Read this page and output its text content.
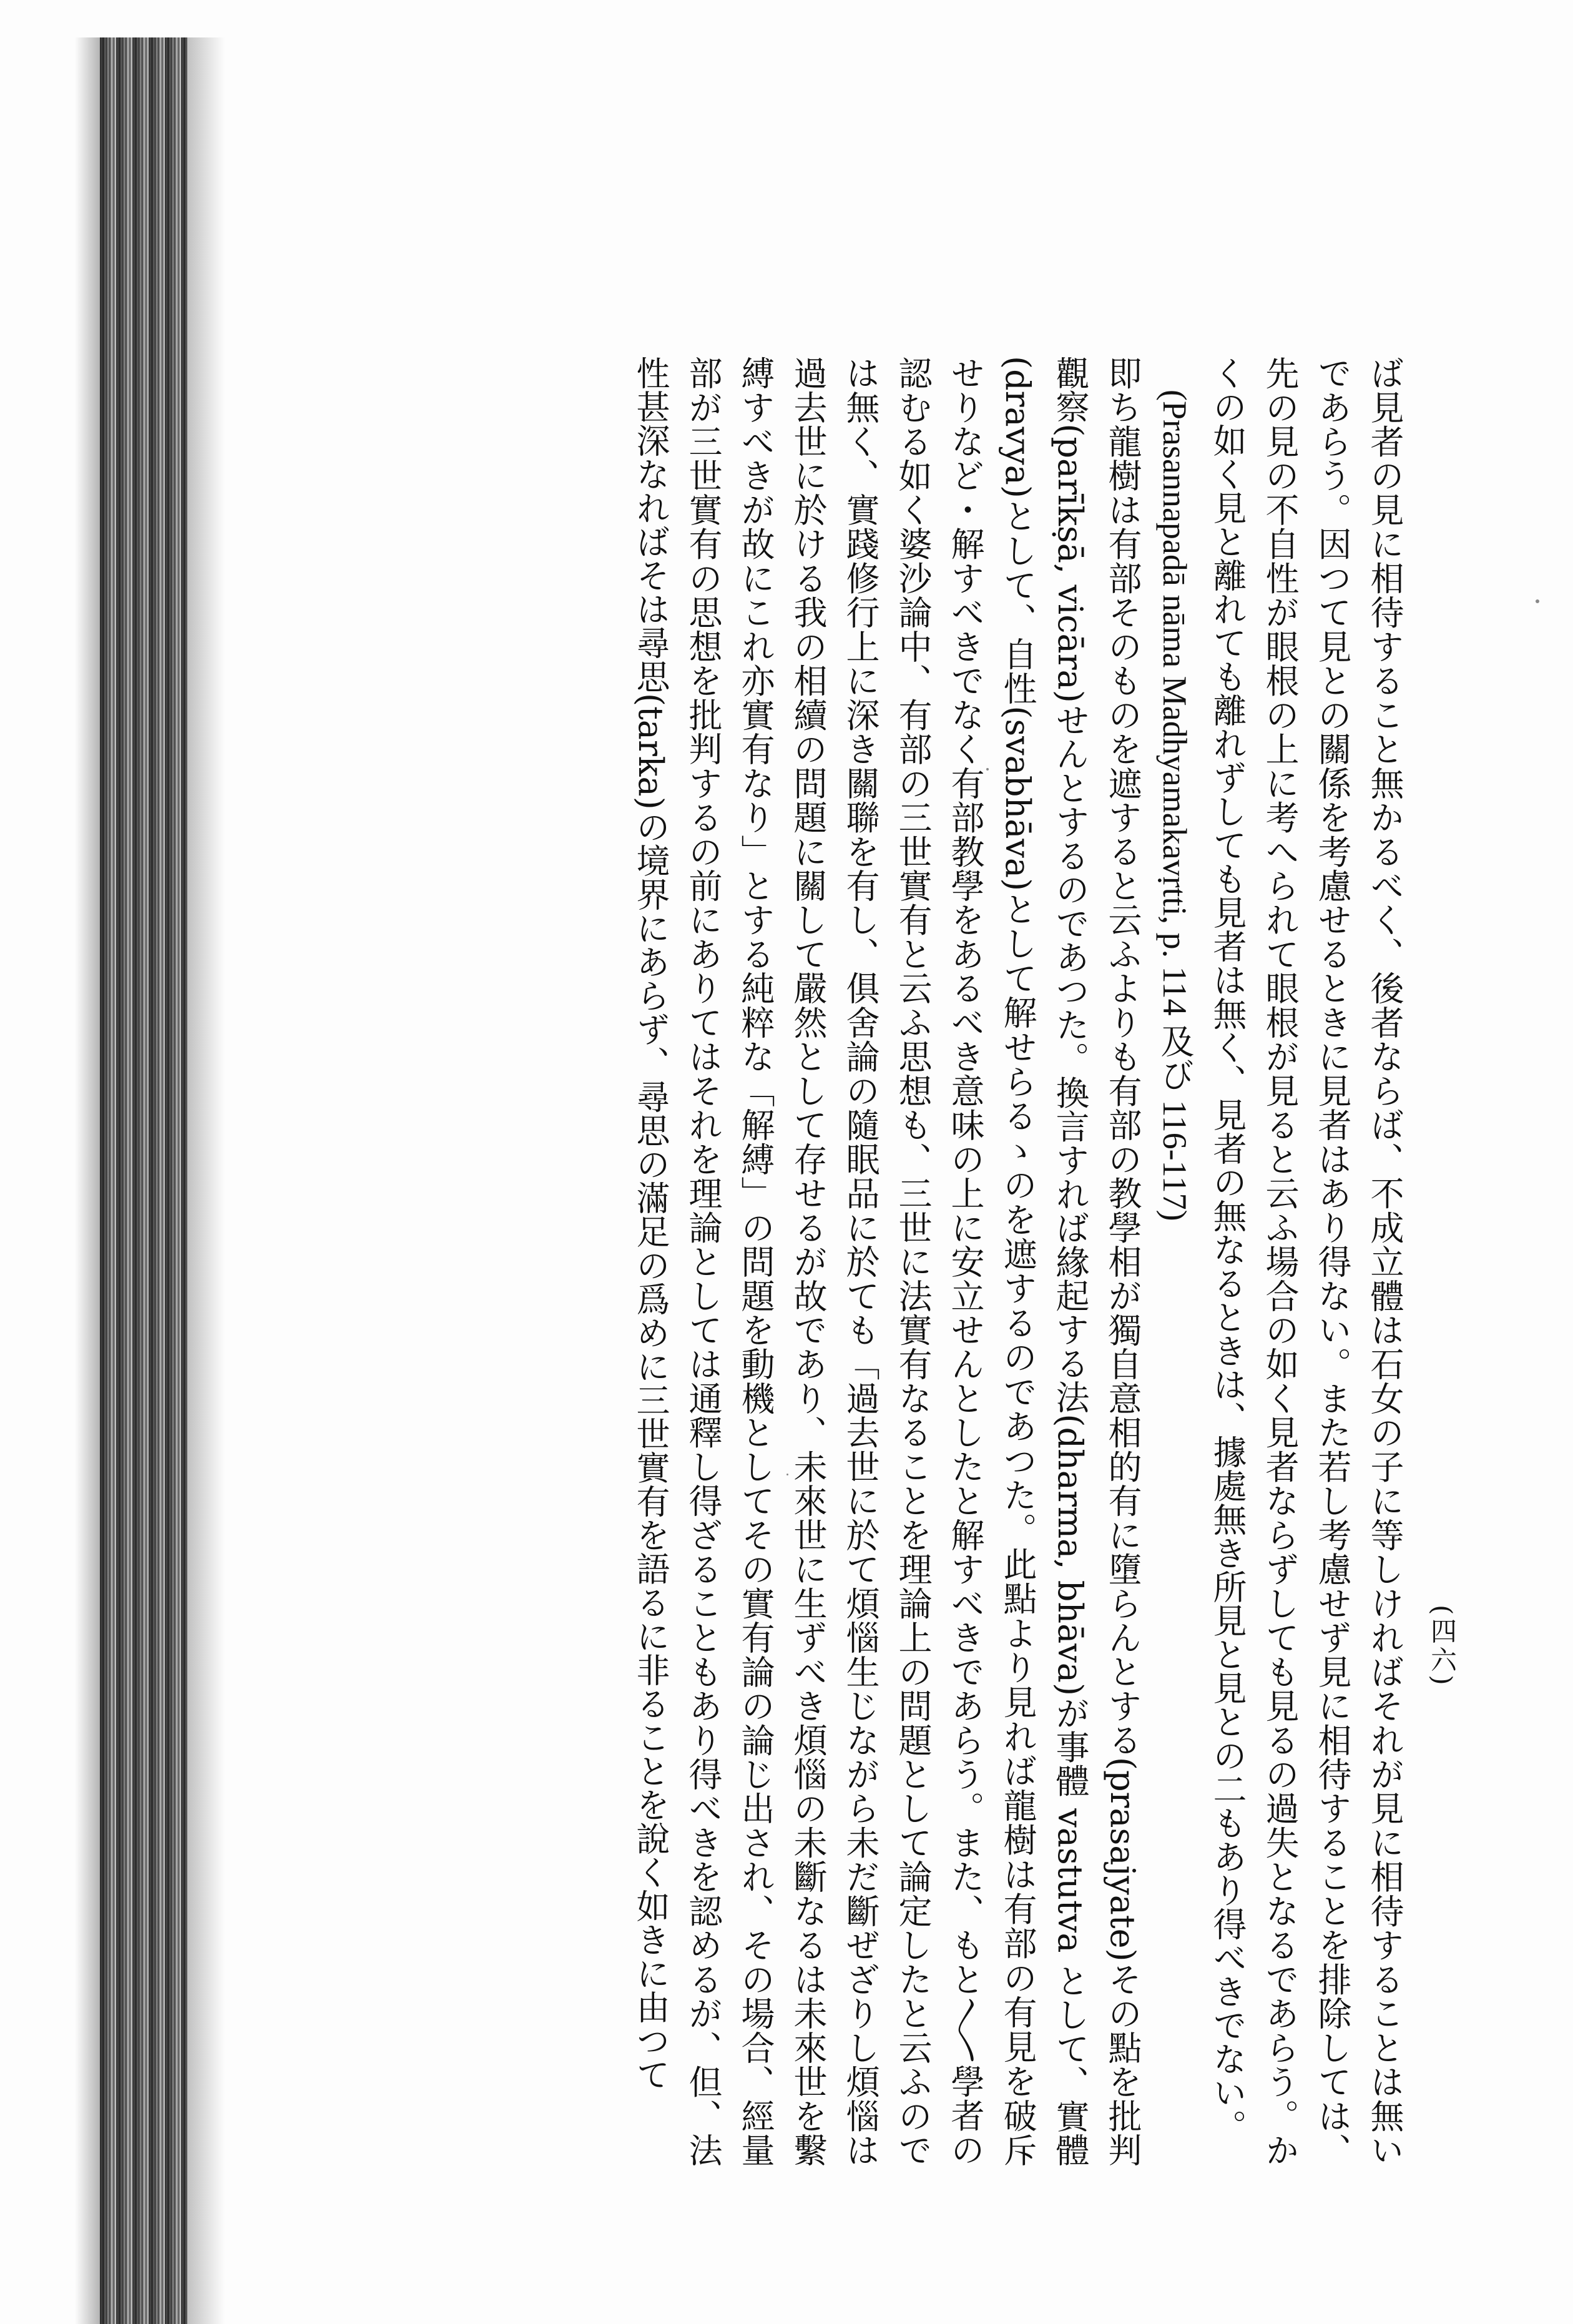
(四六)

ば見者の見に相待すること無かるべく、後者ならば、不成立體は石女の子に等しければそれが見に相待することは無いであらう。因つて見との關係を考慮せるときに見者はあり得ない。また若し考慮せず見に相待することを排除しては、先の見の不自性が眼根の上に考へられて眼根が見ると云ふ場合の如く見者ならずしても見るの過失となるであらう。かくの如く見と離れても離れずしても見者は無く、見者の無なるときは、據處無き所見と見との二もあり得べきでない。

(Prasannapadā nāma Madhyamakavṛtti, p. 114 及び 116-117)

即ち龍樹は有部そのものを遮すると云ふよりも有部の教學相が獨自意相的有に墮らんとする(prasajyate)その點を批判觀察(parīkṣā, vicāra)せんとするのであつた。換言すれば緣起する法(dharma, bhāva)が事體 vastutva として、實體(dravya)として、自性(svabhāva)として解せらるゝのを遮するのであつた。此點より見れば龍樹は有部の有見を破斥せりなど・解すべきでなく有部教學をあるべき意味の上に安立せんとしたと解すべきであらう。また、もと〳〵學者の認むる如く婆沙論中、有部の三世實有と云ふ思想も、三世に法實有なることを理論上の問題として論定したと云ふのでは無く、實踐修行上に深き關聯を有し、俱舍論の隨眠品に於ても「過去世に於て煩惱生じながら未だ斷ぜざりし煩惱は過去世に於ける我の相續の問題に關して嚴然として存せるが故であり、未來世に生ずべき煩惱の未斷なるは未來世を繫縛すべきが故にこれ亦實有なり」とする純粹な「解縛」の問題を動機としてその實有論の論じ出され、その場合、經量部が三世實有の思想を批判するの前にありてはそれを理論としては通釋し得ざることもあり得べきを認めるが、但、法性甚深なればそは尋思(tarka)の境界にあらず、尋思の滿足の爲めに三世實有を語るに非ることを說く如きに由つて
